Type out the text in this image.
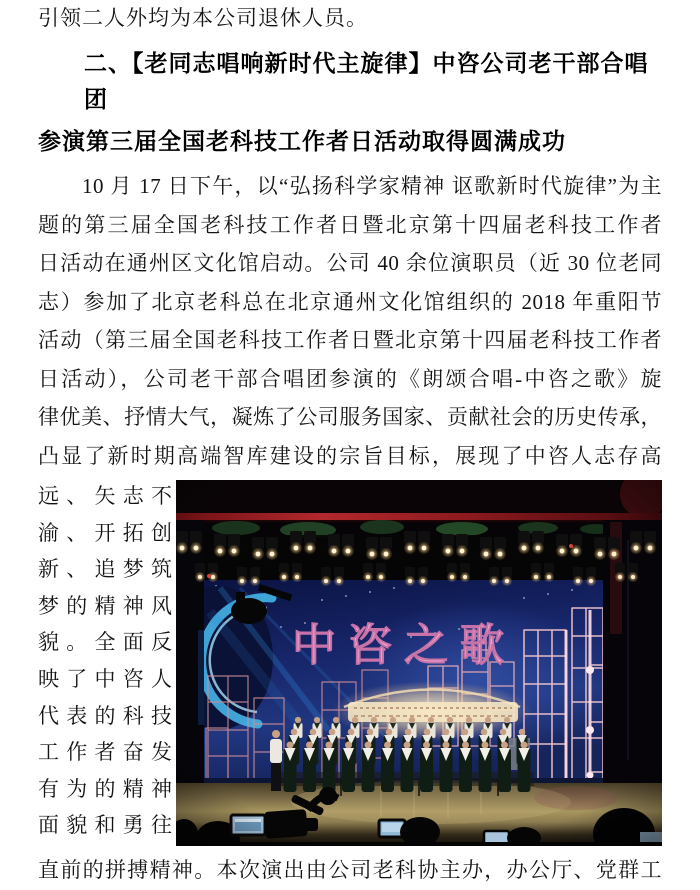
引领二人外均为本公司退休人员。

二、【老同志唱响新时代主旋律】中咨公司老干部合唱团
参演第三届全国老科技工作者日活动取得圆满成功
10 月 17 日下午，以“弘扬科学家精神 讴歌新时代旋律”为主
题的第三届全国老科技工作者日暨北京第十四届老科技工作者
日活动在通州区文化馆启动。公司 40 余位演职员（近 30 位老同
志）参加了北京老科总在北京通州文化馆组织的 2018 年重阳节
活动（第三届全国老科技工作者日暨北京第十四届老科技工作者
日活动），公司老干部合唱团参演的《朗颂合唱-中咨之歌》旋
律优美、抒情大气，凝炼了公司服务国家、贡献社会的历史传承，
凸显了新时期高端智库建设的宗旨目标，展现了中咨人志存高
远、矢志不
渝、开拓创
新、追梦筑
梦的精神风
貌。全面反
映了中咨人
代表的科技
工作者奋发
有为的精神
面貌和勇往
直前的拼搏精神。本次演出由公司老科协主办，办公厅、党群工
